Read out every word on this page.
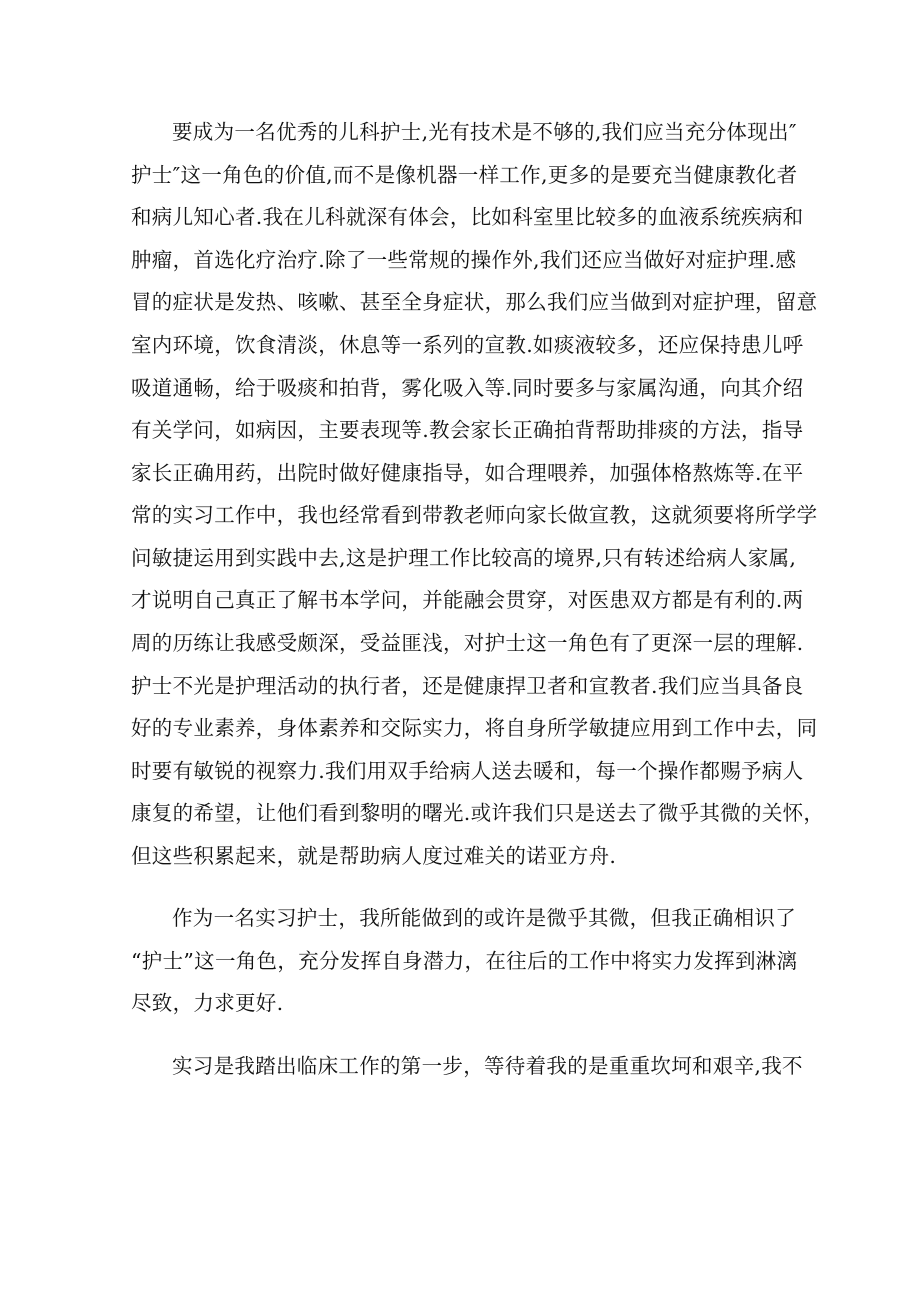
要成为一名优秀的儿科护士,光有技术是不够的,我们应当充分体现出″
护士″这一角色的价值,而不是像机器一样工作,更多的是要充当健康教化者
和病儿知心者.我在儿科就深有体会，比如科室里比较多的血液系统疾病和
肿瘤，首选化疗治疗.除了一些常规的操作外,我们还应当做好对症护理.感
冒的症状是发热、咳嗽、甚至全身症状，那么我们应当做到对症护理，留意
室内环境，饮食清淡，休息等一系列的宣教.如痰液较多，还应保持患儿呼
吸道通畅，给于吸痰和拍背，雾化吸入等.同时要多与家属沟通，向其介绍
有关学问，如病因，主要表现等.教会家长正确拍背帮助排痰的方法，指导
家长正确用药，出院时做好健康指导，如合理喂养，加强体格熬炼等.在平
常的实习工作中，我也经常看到带教老师向家长做宣教，这就须要将所学学
问敏捷运用到实践中去,这是护理工作比较高的境界,只有转述给病人家属,
才说明自己真正了解书本学问，并能融会贯穿，对医患双方都是有利的.两
周的历练让我感受颇深，受益匪浅，对护士这一角色有了更深一层的理解.
护士不光是护理活动的执行者，还是健康捍卫者和宣教者.我们应当具备良
好的专业素养，身体素养和交际实力，将自身所学敏捷应用到工作中去，同
时要有敏锐的视察力.我们用双手给病人送去暖和，每一个操作都赐予病人
康复的希望，让他们看到黎明的曙光.或许我们只是送去了微乎其微的关怀，
但这些积累起来，就是帮助病人度过难关的诺亚方舟.
作为一名实习护士，我所能做到的或许是微乎其微，但我正确相识了
“护士”这一角色，充分发挥自身潜力，在往后的工作中将实力发挥到淋漓
尽致，力求更好.
实习是我踏出临床工作的第一步，等待着我的是重重坎坷和艰辛,我不
